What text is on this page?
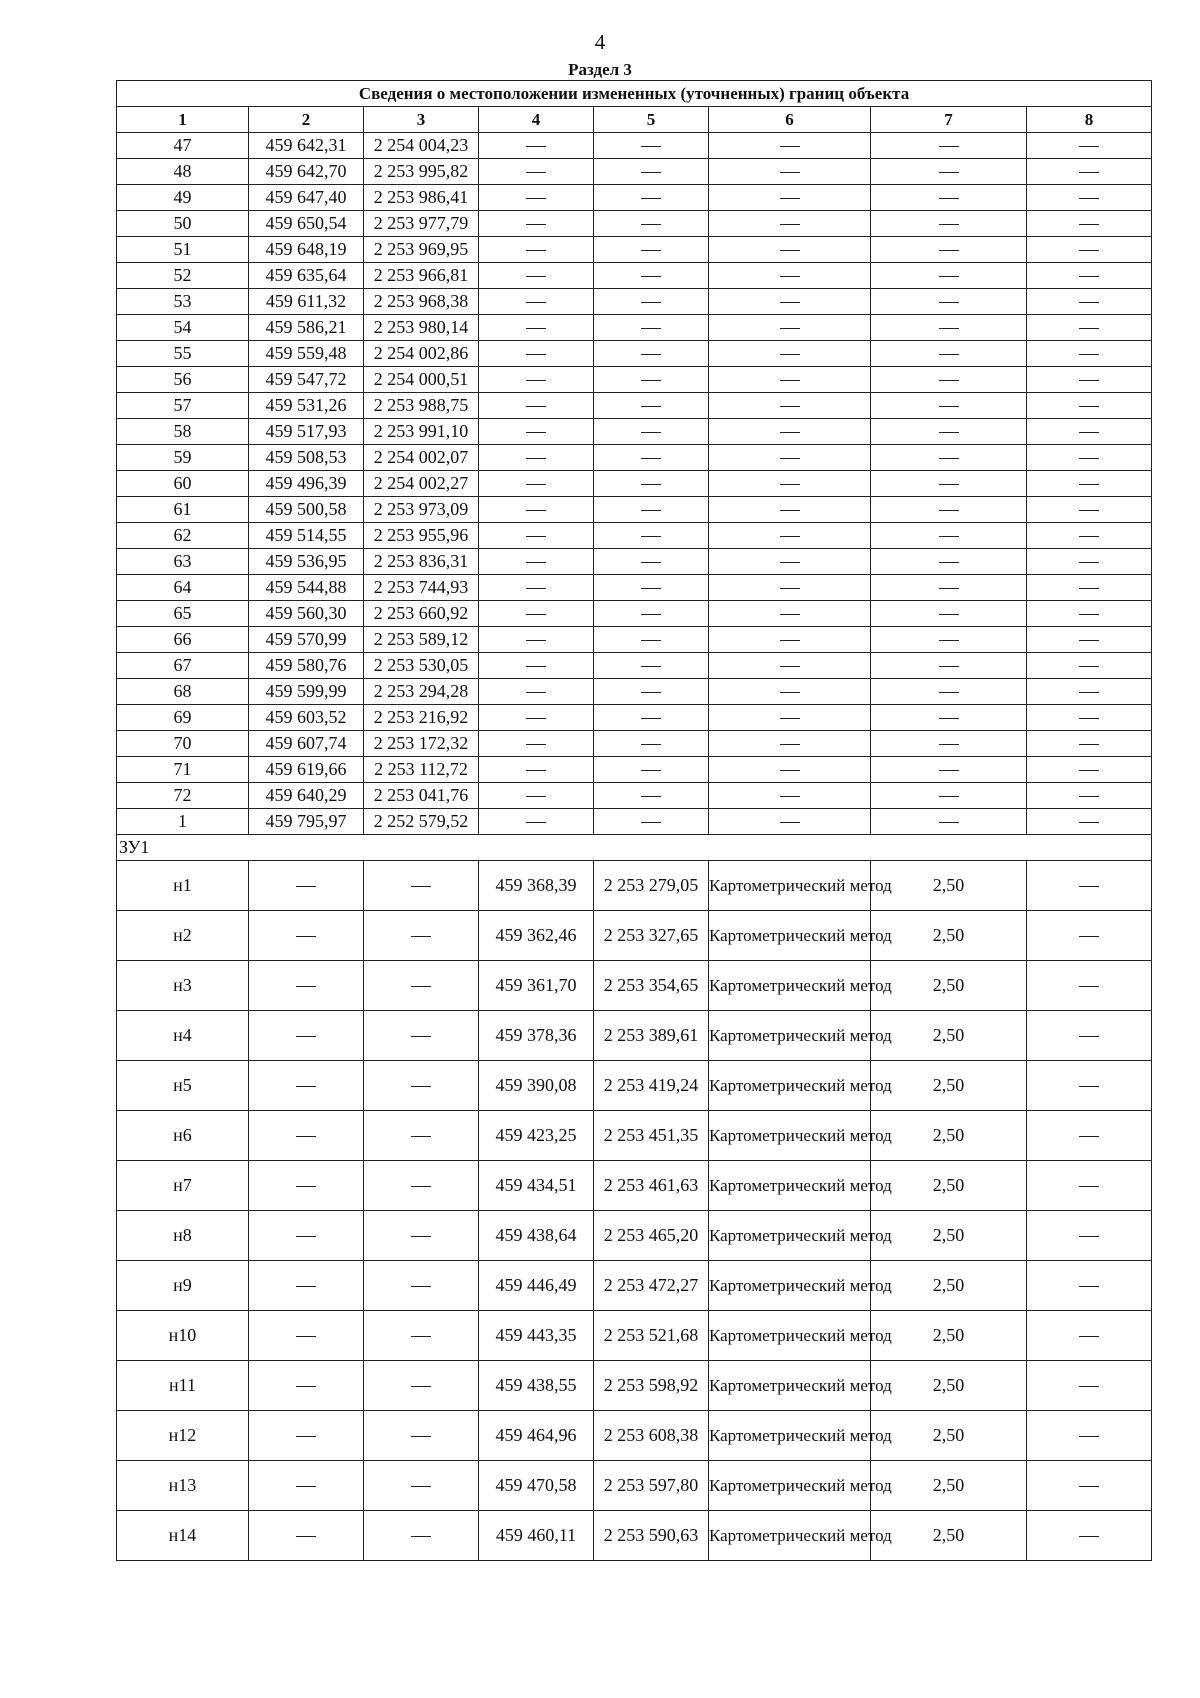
4
Раздел 3
Сведения о местоположении измененных (уточненных) границ объекта							
1	2	3	4	5	6	7	8
47	459 642,31	2 254 004,23					
48	459 642,70	2 253 995,82					
49	459 647,40	2 253 986,41					
50	459 650,54	2 253 977,79					
51	459 648,19	2 253 969,95					
52	459 635,64	2 253 966,81					
53	459 611,32	2 253 968,38					
54	459 586,21	2 253 980,14					
55	459 559,48	2 254 002,86					
56	459 547,72	2 254 000,51					
57	459 531,26	2 253 988,75					
58	459 517,93	2 253 991,10					
59	459 508,53	2 254 002,07					
60	459 496,39	2 254 002,27					
61	459 500,58	2 253 973,09					
62	459 514,55	2 253 955,96					
63	459 536,95	2 253 836,31					
64	459 544,88	2 253 744,93					
65	459 560,30	2 253 660,92					
66	459 570,99	2 253 589,12					
67	459 580,76	2 253 530,05					
68	459 599,99	2 253 294,28					
69	459 603,52	2 253 216,92					
70	459 607,74	2 253 172,32					
71	459 619,66	2 253 112,72					
72	459 640,29	2 253 041,76					
1	459 795,97	2 252 579,52					
ЗУ1							
н1			459 368,39	2 253 279,05	Картометрический метод	2,50	
н2			459 362,46	2 253 327,65	Картометрический метод	2,50	
н3			459 361,70	2 253 354,65	Картометрический метод	2,50	
н4			459 378,36	2 253 389,61	Картометрический метод	2,50	
н5			459 390,08	2 253 419,24	Картометрический метод	2,50	
н6			459 423,25	2 253 451,35	Картометрический метод	2,50	
н7			459 434,51	2 253 461,63	Картометрический метод	2,50	
н8			459 438,64	2 253 465,20	Картометрический метод	2,50	
н9			459 446,49	2 253 472,27	Картометрический метод	2,50	
н10			459 443,35	2 253 521,68	Картометрический метод	2,50	
н11			459 438,55	2 253 598,92	Картометрический метод	2,50	
н12			459 464,96	2 253 608,38	Картометрический метод	2,50	
н13			459 470,58	2 253 597,80	Картометрический метод	2,50	
н14			459 460,11	2 253 590,63	Картометрический метод	2,50	
